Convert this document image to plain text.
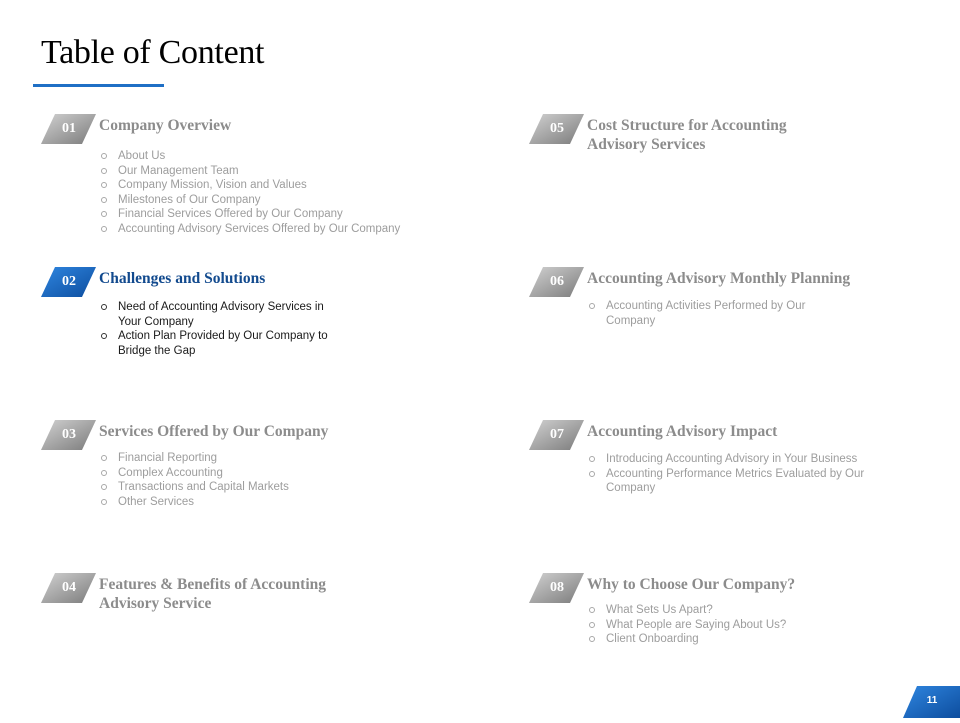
Table of Content
01	Company Overview
About Us
Our Management Team
Company Mission, Vision and Values
Milestones of Our Company
Financial Services Offered by Our Company
Accounting Advisory Services Offered by Our Company
02	Challenges and Solutions
Need of Accounting Advisory Services in Your Company
Action Plan Provided by Our Company to Bridge the Gap
03	Services Offered by Our Company
Financial Reporting
Complex Accounting
Transactions and Capital Markets
Other Services
04	Features & Benefits of Accounting Advisory Service
05	Cost Structure for Accounting Advisory Services
06	Accounting Advisory Monthly Planning
Accounting Activities Performed by Our Company
07	Accounting Advisory Impact
Introducing Accounting Advisory in Your Business
Accounting Performance Metrics Evaluated by Our Company
08	Why to Choose Our Company?
What Sets Us Apart?
What People are Saying About Us?
Client Onboarding
11
